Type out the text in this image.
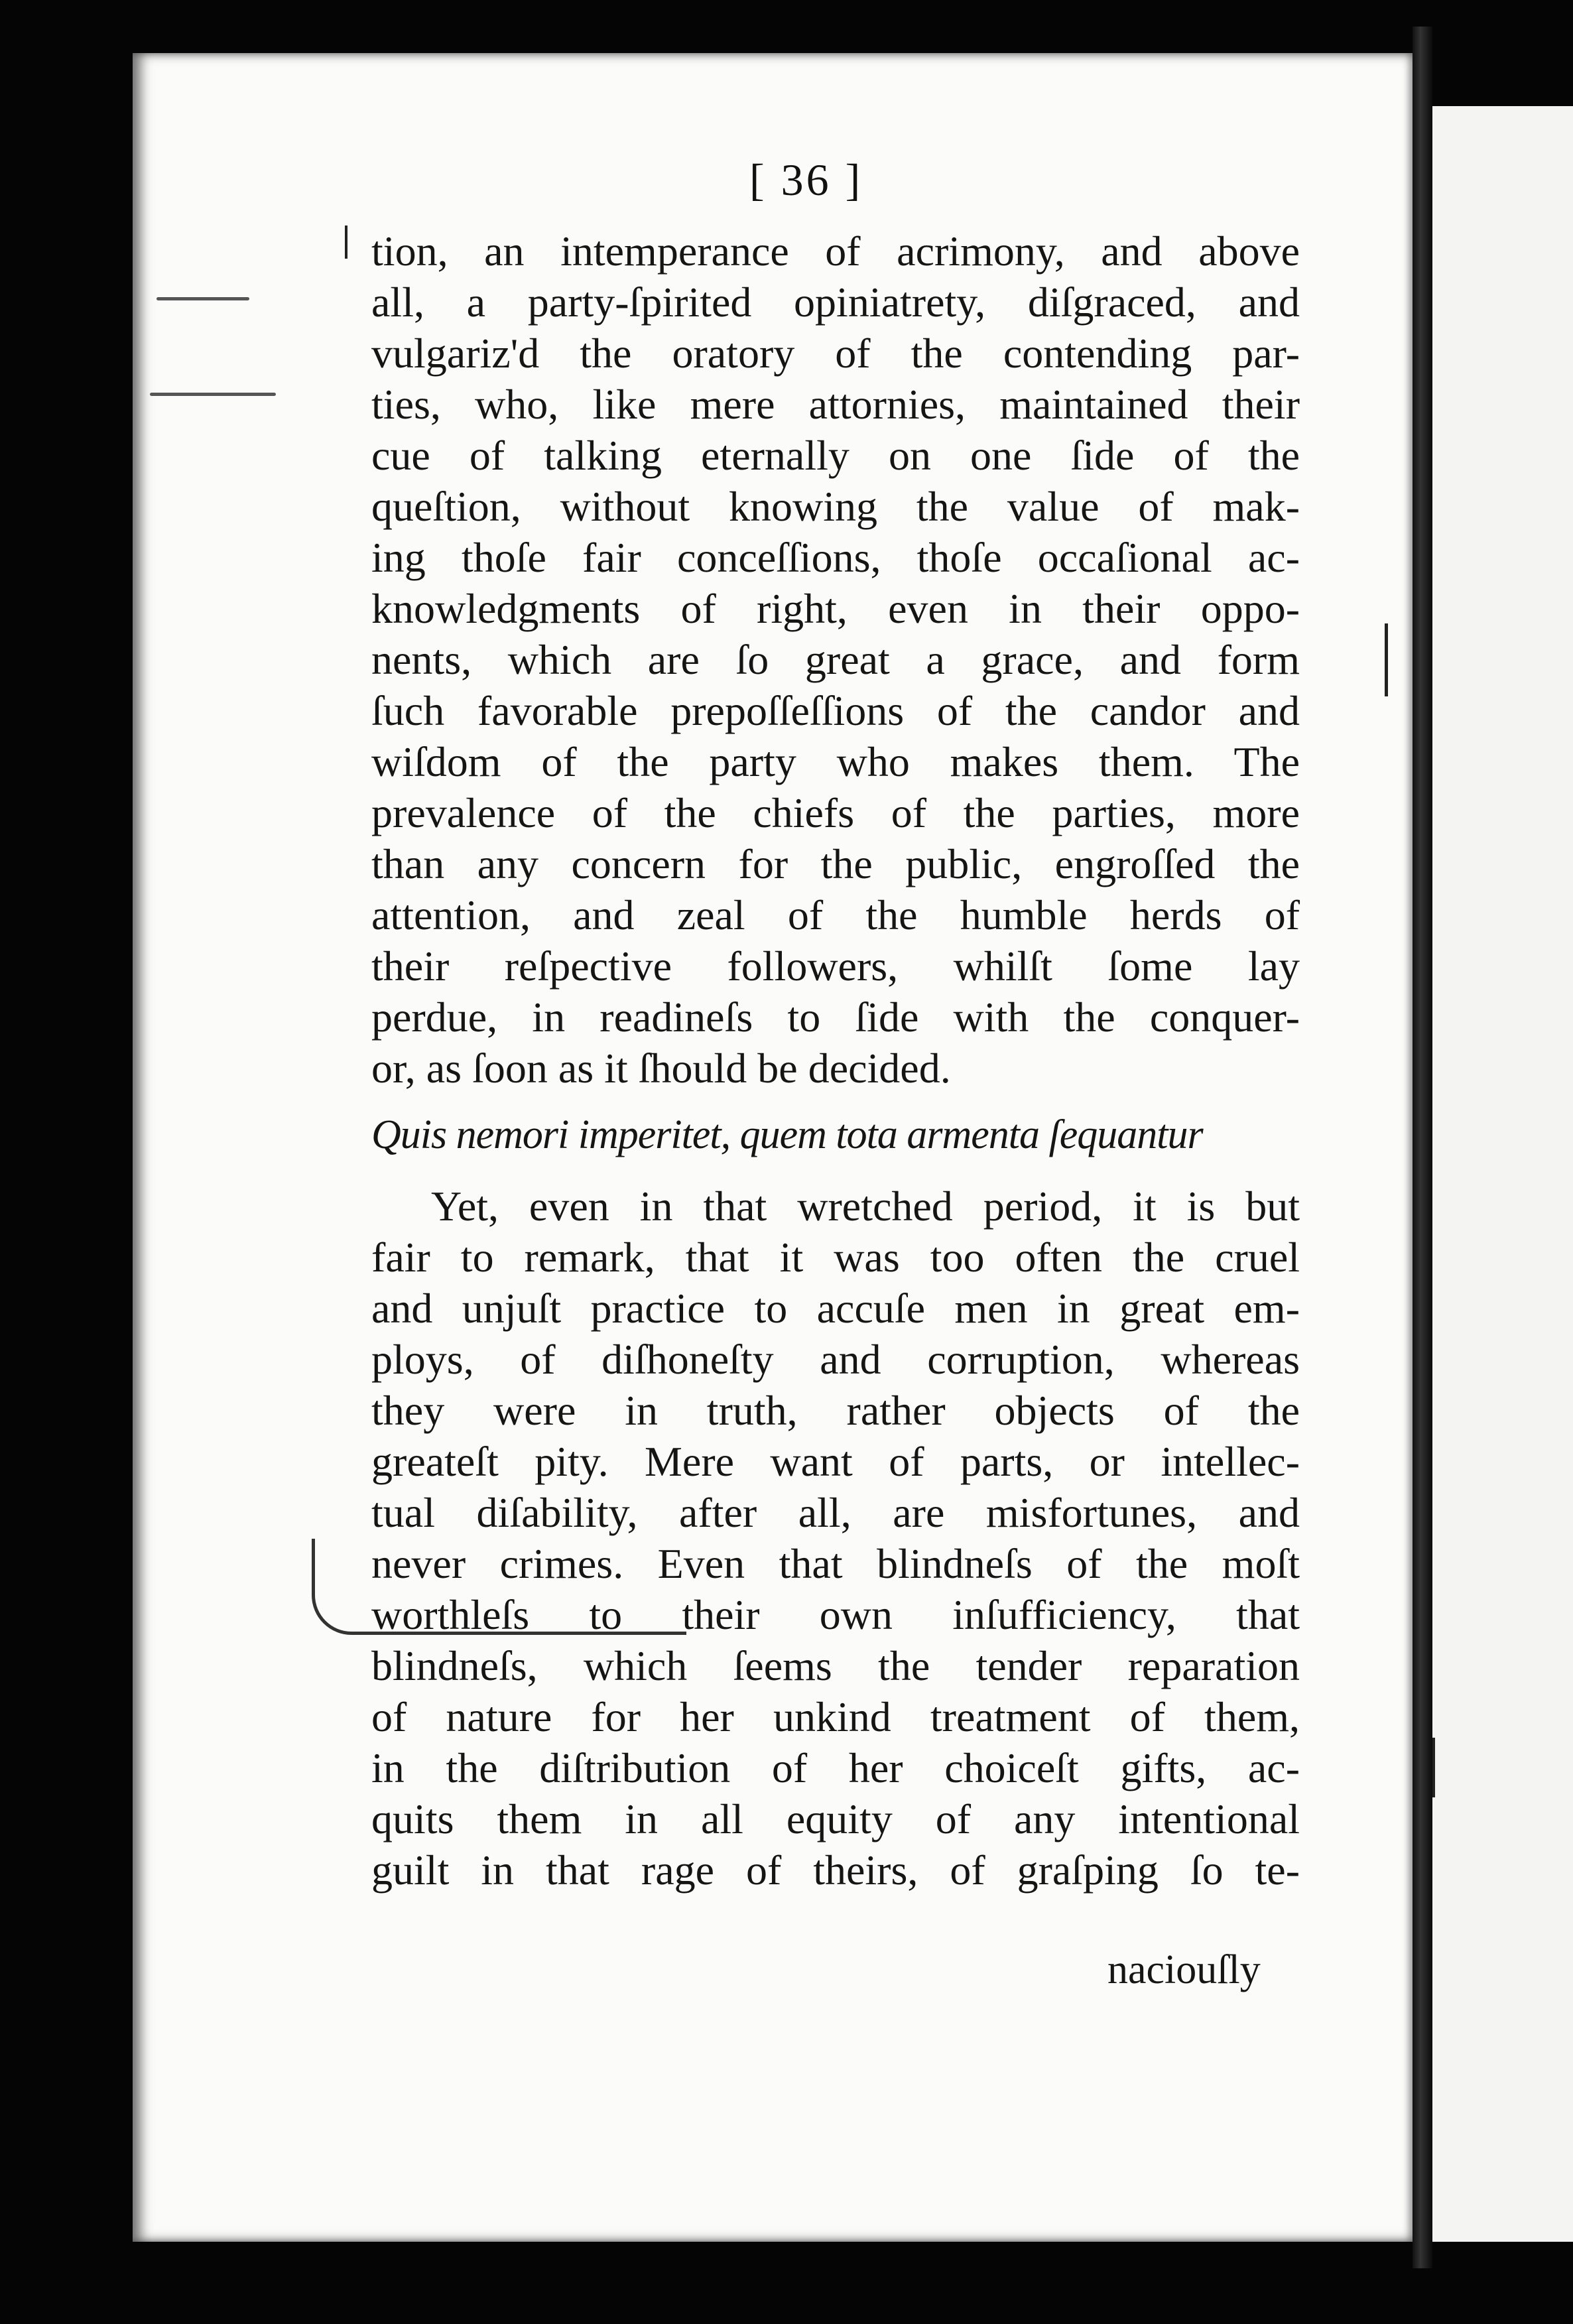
[ 36 ]
tion, an intemperance of acrimony, and above
all, a party-ſpirited opiniatrety, diſgraced, and
vulgariz'd the oratory of the contending par-
ties, who, like mere attornies, maintained their
cue of talking eternally on one ſide of the
queſtion, without knowing the value of mak-
ing thoſe fair conceſſions, thoſe occaſional ac-
knowledgments of right, even in their oppo-
nents, which are ſo great a grace, and form
ſuch favorable prepoſſeſſions of the candor and
wiſdom of the party who makes them. The
prevalence of the chiefs of the parties, more
than any concern for the public, engroſſed the
attention, and zeal of the humble herds of
their reſpective followers, whilſt ſome lay
perdue, in readineſs to ſide with the conquer-
or, as ſoon as it ſhould be decided.
Quis nemori imperitet, quem tota armenta ſequantur
Yet, even in that wretched period, it is but
fair to remark, that it was too often the cruel
and unjuſt practice to accuſe men in great em-
ploys, of diſhoneſty and corruption, whereas
they were in truth, rather objects of the
greateſt pity. Mere want of parts, or intellec-
tual diſability, after all, are misfortunes, and
never crimes. Even that blindneſs of the moſt
worthleſs to their own inſufficiency, that
blindneſs, which ſeems the tender reparation
of nature for her unkind treatment of them,
in the diſtribution of her choiceſt gifts, ac-
quits them in all equity of any intentional
guilt in that rage of theirs, of graſping ſo te-
naciouſly
